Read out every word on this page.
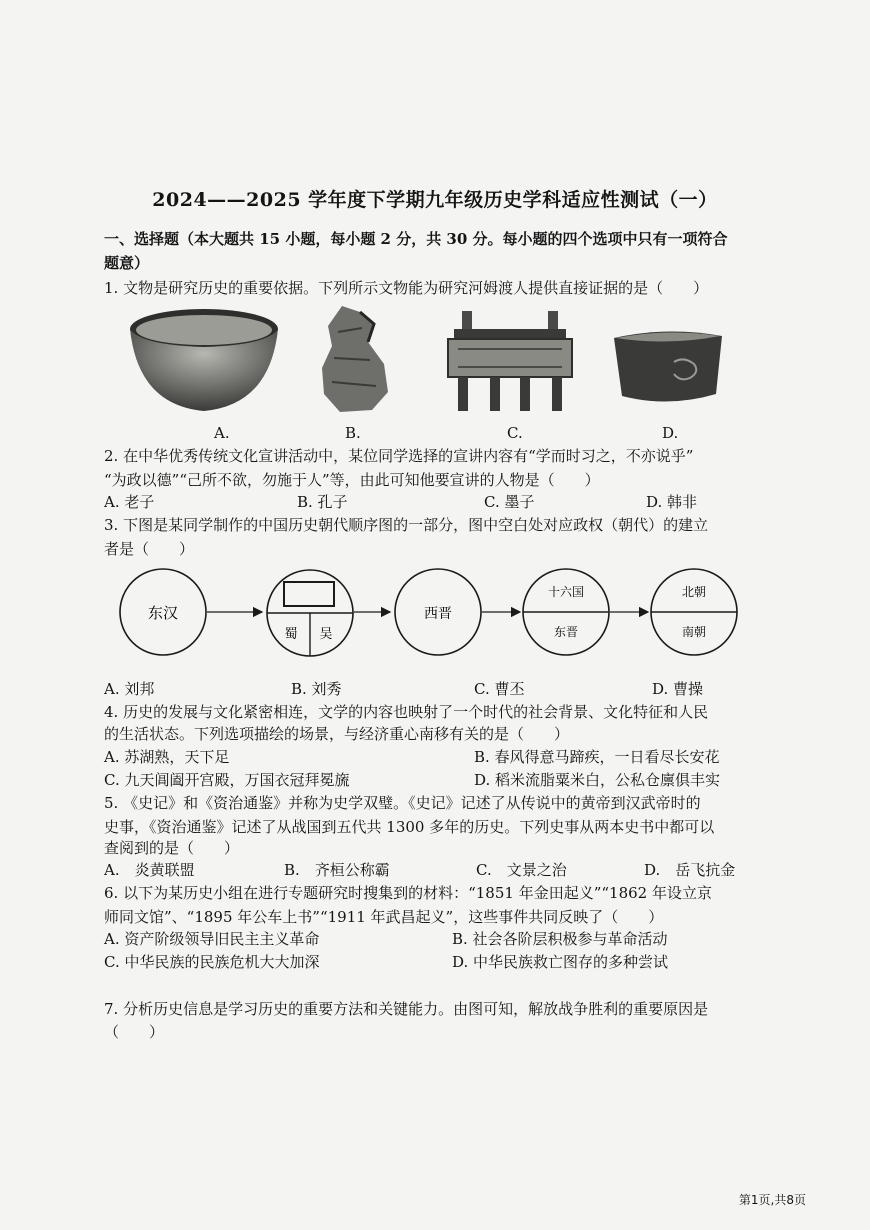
2024——2025 学年度下学期九年级历史学科适应性测试（一）
一、选择题（本大题共 15 小题，每小题 2 分，共 30 分。每小题的四个选项中只有一项符合
题意）
1. 文物是研究历史的重要依据。下列所示文物能为研究河姆渡人提供直接证据的是（　　）
A.	B.	C.	D.
2. 在中华优秀传统文化宣讲活动中，某位同学选择的宣讲内容有“学而时习之，不亦说乎”
“为政以德”“己所不欲，勿施于人”等，由此可知他要宣讲的人物是（　　）
A. 老子	B. 孔子	C. 墨子	D. 韩非
3. 下图是某同学制作的中国历史朝代顺序图的一部分，图中空白处对应政权（朝代）的建立
者是（　　）
东汉
蜀 吴
西晋
十六国
东晋
北朝
南朝
A. 刘邦	B. 刘秀	C. 曹丕	D. 曹操
4. 历史的发展与文化紧密相连，文学的内容也映射了一个时代的社会背景、文化特征和人民
的生活状态。下列选项描绘的场景，与经济重心南移有关的是（　　）
A. 苏湖熟，天下足	B. 春风得意马蹄疾，一日看尽长安花
C. 九天阊阖开宫殿，万国衣冠拜冕旒	D. 稻米流脂粟米白，公私仓廪俱丰实
5. 《史记》和《资治通鉴》并称为史学双璧。《史记》记述了从传说中的黄帝到汉武帝时的
史事，《资治通鉴》记述了从战国到五代共 1300 多年的历史。下列史事从两本史书中都可以
查阅到的是（　　）
A.　炎黄联盟	B.　齐桓公称霸	C.　文景之治	D.　岳飞抗金
6. 以下为某历史小组在进行专题研究时搜集到的材料：“1851 年金田起义”“1862 年设立京
师同文馆”、“1895 年公车上书”“1911 年武昌起义”，这些事件共同反映了（　　）
A. 资产阶级领导旧民主主义革命	B. 社会各阶层积极参与革命活动
C. 中华民族的民族危机大大加深	D. 中华民族救亡图存的多种尝试
7. 分析历史信息是学习历史的重要方法和关键能力。由图可知，解放战争胜利的重要原因是
（　　）
第1页,共8页
